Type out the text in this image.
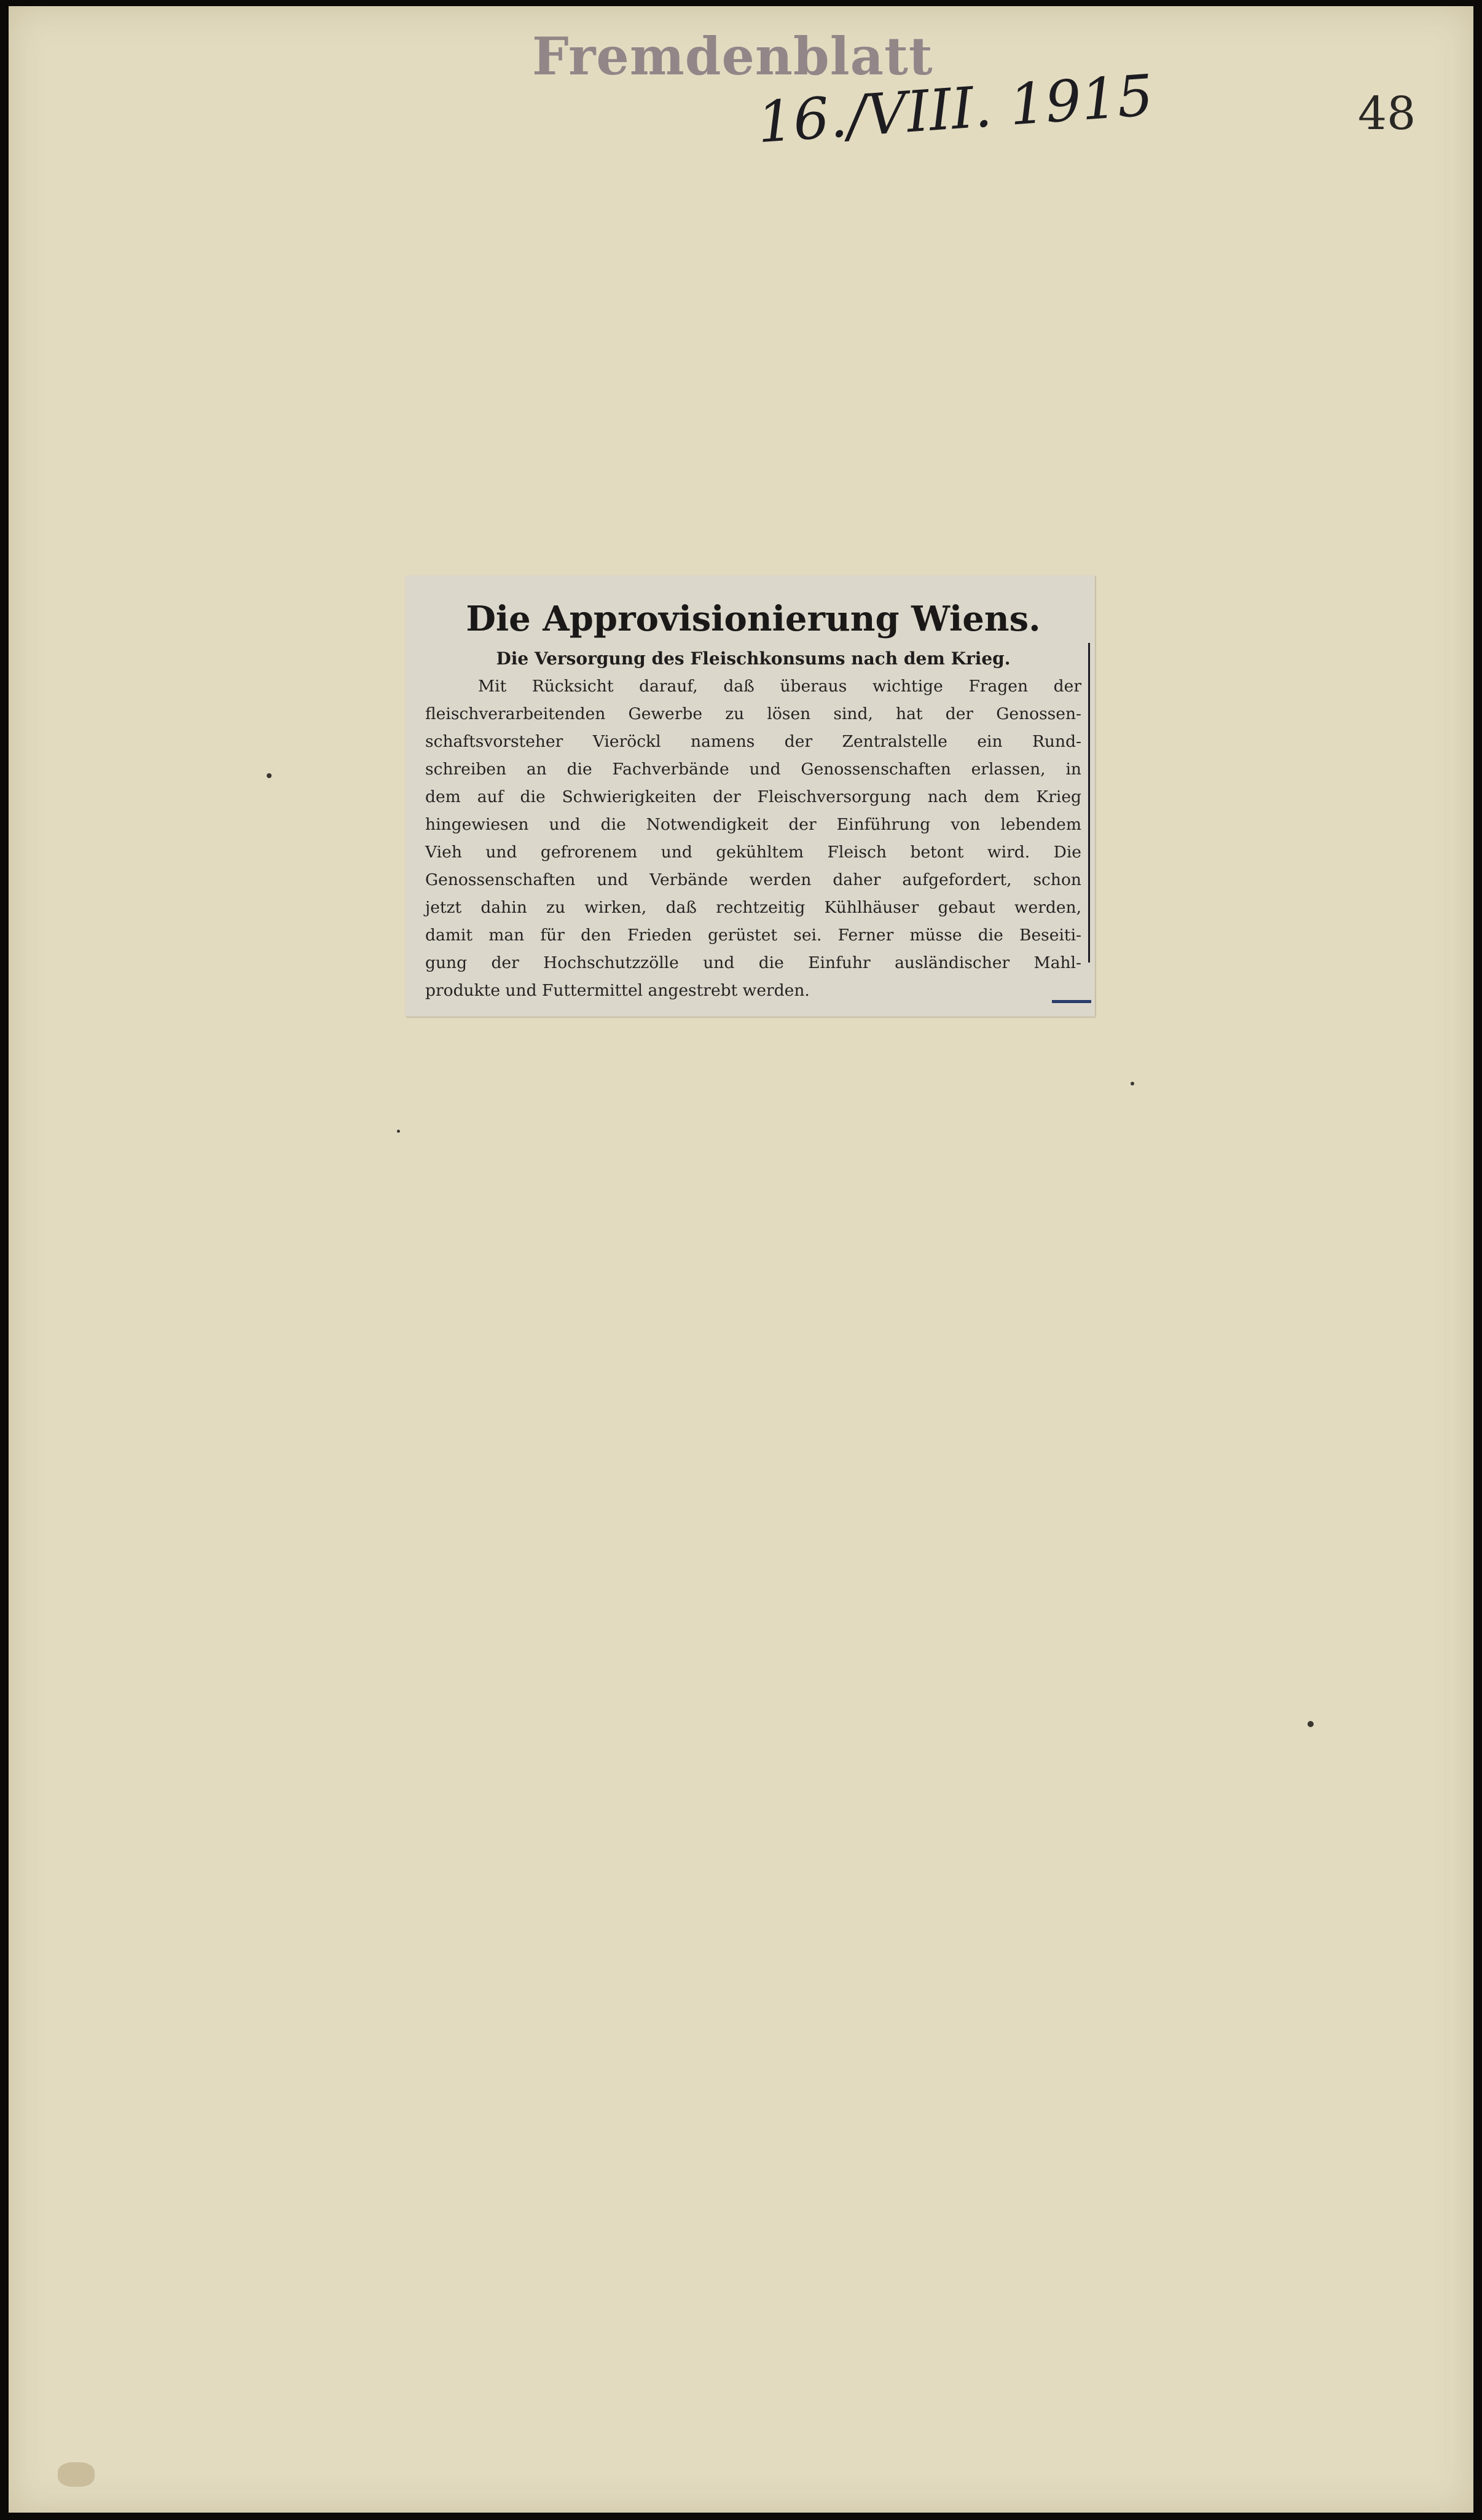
Fremdenblatt
16./VIII. 1915	48
Die Approvisionierung Wiens.
Die Versorgung des Fleischkonsums nach dem Krieg.
Mit Rücksicht darauf, daß überaus wichtige Fragen der
fleischverarbeitenden Gewerbe zu lösen sind, hat der Genossen-
schaftsvorsteher Vieröckl namens der Zentralstelle ein Rund-
schreiben an die Fachverbände und Genossenschaften erlassen, in
dem auf die Schwierigkeiten der Fleischversorgung nach dem Krieg
hingewiesen und die Notwendigkeit der Einführung von lebendem
Vieh und gefrorenem und gekühltem Fleisch betont wird. Die
Genossenschaften und Verbände werden daher aufgefordert, schon
jetzt dahin zu wirken, daß rechtzeitig Kühlhäuser gebaut werden,
damit man für den Frieden gerüstet sei. Ferner müsse die Beseiti-
gung der Hochschutzzölle und die Einfuhr ausländischer Mahl-
produkte und Futtermittel angestrebt werden.
